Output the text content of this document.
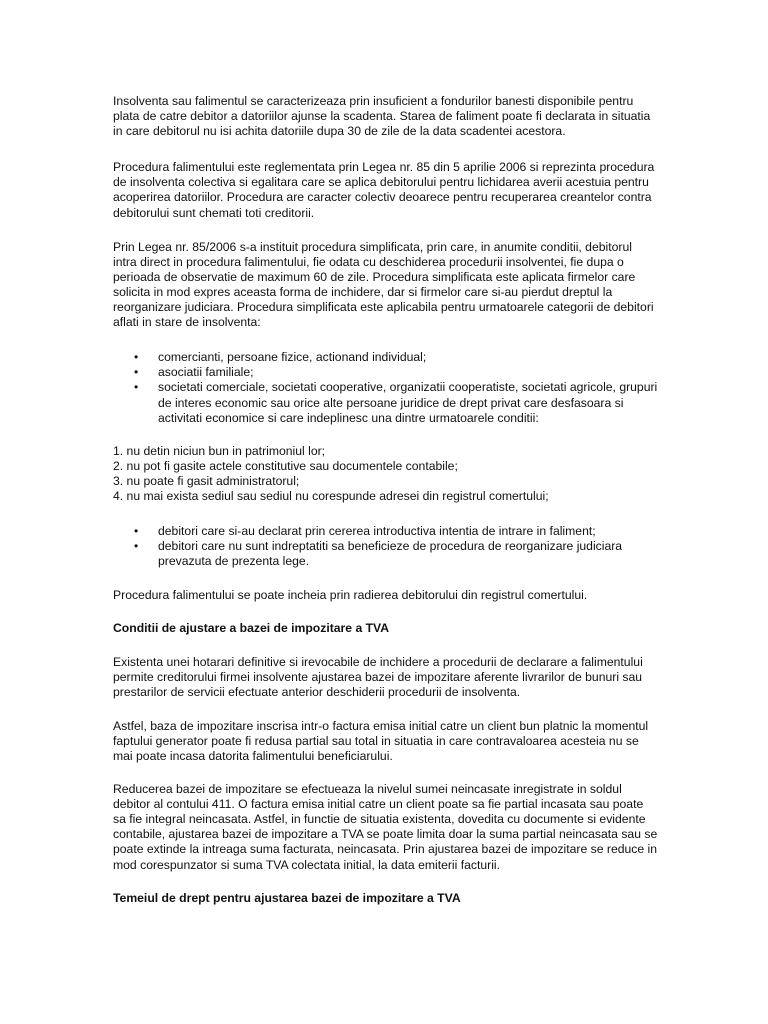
Insolventa sau falimentul se caracterizeaza prin insuficient a fondurilor banesti disponibile pentru plata de catre debitor a datoriilor ajunse la scadenta. Starea de faliment poate fi declarata in situatia in care debitorul nu isi achita datoriile dupa 30 de zile de la data scadentei acestora.

Procedura falimentului este reglementata prin Legea nr. 85 din 5 aprilie 2006 si reprezinta procedura de insolventa colectiva si egalitara care se aplica debitorului pentru lichidarea averii acestuia pentru acoperirea datoriilor. Procedura are caracter colectiv deoarece pentru recuperarea creantelor contra debitorului sunt chemati toti creditorii.

Prin Legea nr. 85/2006 s-a instituit procedura simplificata, prin care, in anumite conditii, debitorul intra direct in procedura falimentului, fie odata cu deschiderea procedurii insolventei, fie dupa o perioada de observatie de maximum 60 de zile. Procedura simplificata este aplicata firmelor care solicita in mod expres aceasta forma de inchidere, dar si firmelor care si-au pierdut dreptul la reorganizare judiciara. Procedura simplificata este aplicabila pentru urmatoarele categorii de debitori aflati in stare de insolventa:

• comercianti, persoane fizice, actionand individual;
• asociatii familiale;
• societati comerciale, societati cooperative, organizatii cooperatiste, societati agricole, grupuri de interes economic sau orice alte persoane juridice de drept privat care desfasoara si activitati economice si care indeplinesc una dintre urmatoarele conditii:
1. nu detin niciun bun in patrimoniul lor;
2. nu pot fi gasite actele constitutive sau documentele contabile;
3. nu poate fi gasit administratorul;
4. nu mai exista sediul sau sediul nu corespunde adresei din registrul comertului;
• debitori care si-au declarat prin cererea introductiva intentia de intrare in faliment;
• debitori care nu sunt indreptatiti sa beneficieze de procedura de reorganizare judiciara prevazuta de prezenta lege.

Procedura falimentului se poate incheia prin radierea debitorului din registrul comertului.

Conditii de ajustare a bazei de impozitare a TVA

Existenta unei hotarari definitive si irevocabile de inchidere a procedurii de declarare a falimentului permite creditorului firmei insolvente ajustarea bazei de impozitare aferente livrarilor de bunuri sau prestarilor de servicii efectuate anterior deschiderii procedurii de insolventa.

Astfel, baza de impozitare inscrisa intr-o factura emisa initial catre un client bun platnic la momentul faptului generator poate fi redusa partial sau total in situatia in care contravaloarea acesteia nu se mai poate incasa datorita falimentului beneficiarului.

Reducerea bazei de impozitare se efectueaza la nivelul sumei neincasate inregistrate in soldul debitor al contului 411. O factura emisa initial catre un client poate sa fie partial incasata sau poate sa fie integral neincasata. Astfel, in functie de situatia existenta, dovedita cu documente si evidente contabile, ajustarea bazei de impozitare a TVA se poate limita doar la suma partial neincasata sau se poate extinde la intreaga suma facturata, neincasata. Prin ajustarea bazei de impozitare se reduce in mod corespunzator si suma TVA colectata initial, la data emiterii facturii.

Temeiul de drept pentru ajustarea bazei de impozitare a TVA
